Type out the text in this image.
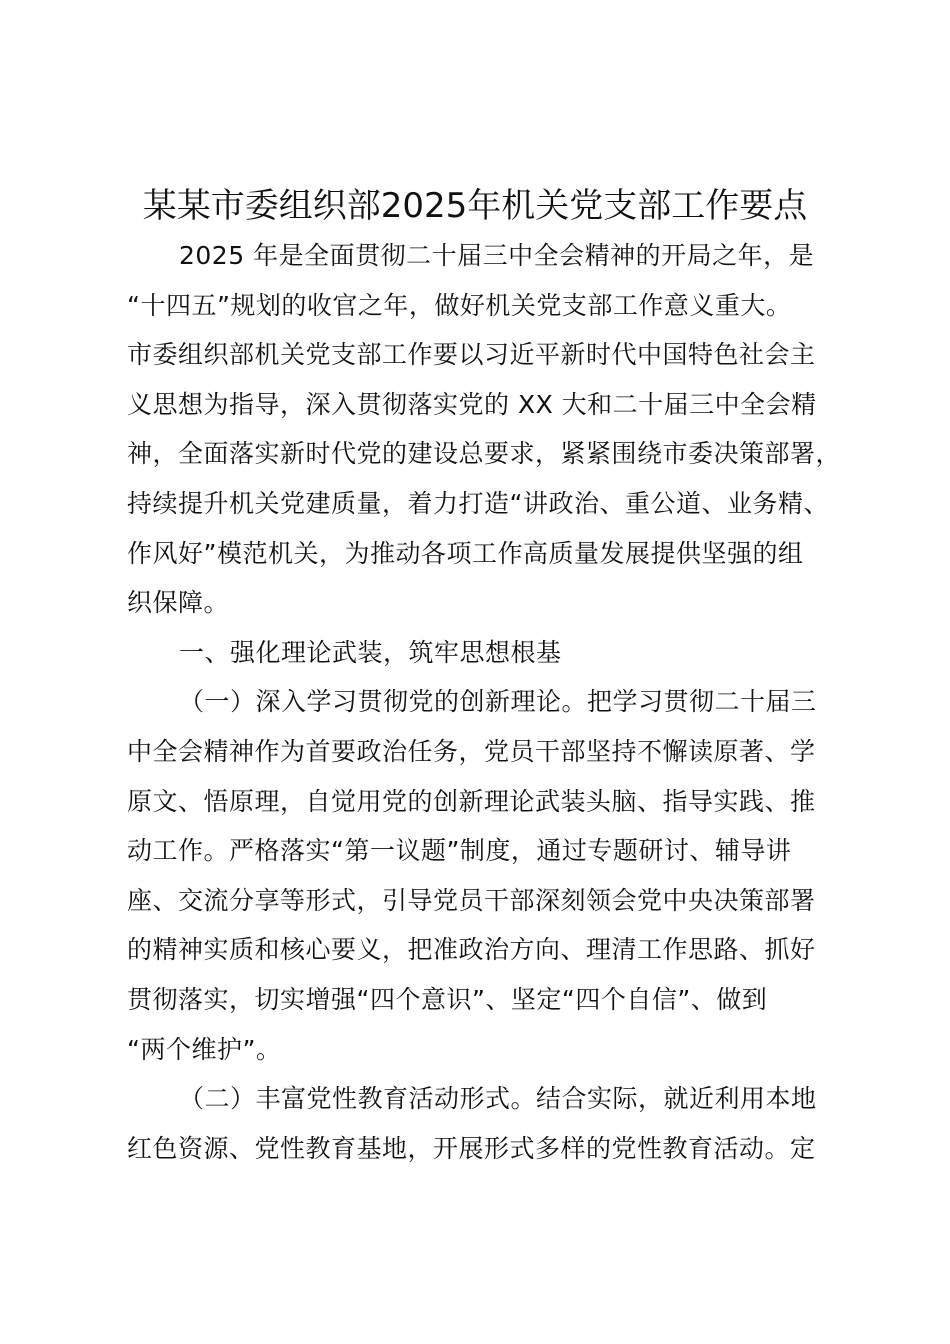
某某市委组织部2025年机关党支部工作要点
2025 年是全面贯彻二十届三中全会精神的开局之年，是
“十四五”规划的收官之年，做好机关党支部工作意义重大。
市委组织部机关党支部工作要以习近平新时代中国特色社会主
义思想为指导，深入贯彻落实党的 XX 大和二十届三中全会精
神，全面落实新时代党的建设总要求，紧紧围绕市委决策部署，
持续提升机关党建质量，着力打造“讲政治、重公道、业务精、
作风好”模范机关，为推动各项工作高质量发展提供坚强的组
织保障。
一、强化理论武装，筑牢思想根基
（一）深入学习贯彻党的创新理论。把学习贯彻二十届三
中全会精神作为首要政治任务，党员干部坚持不懈读原著、学
原文、悟原理，自觉用党的创新理论武装头脑、指导实践、推
动工作。严格落实“第一议题”制度，通过专题研讨、辅导讲
座、交流分享等形式，引导党员干部深刻领会党中央决策部署
的精神实质和核心要义，把准政治方向、理清工作思路、抓好
贯彻落实，切实增强“四个意识”、坚定“四个自信”、做到
“两个维护”。
（二）丰富党性教育活动形式。结合实际，就近利用本地
红色资源、党性教育基地，开展形式多样的党性教育活动。定
